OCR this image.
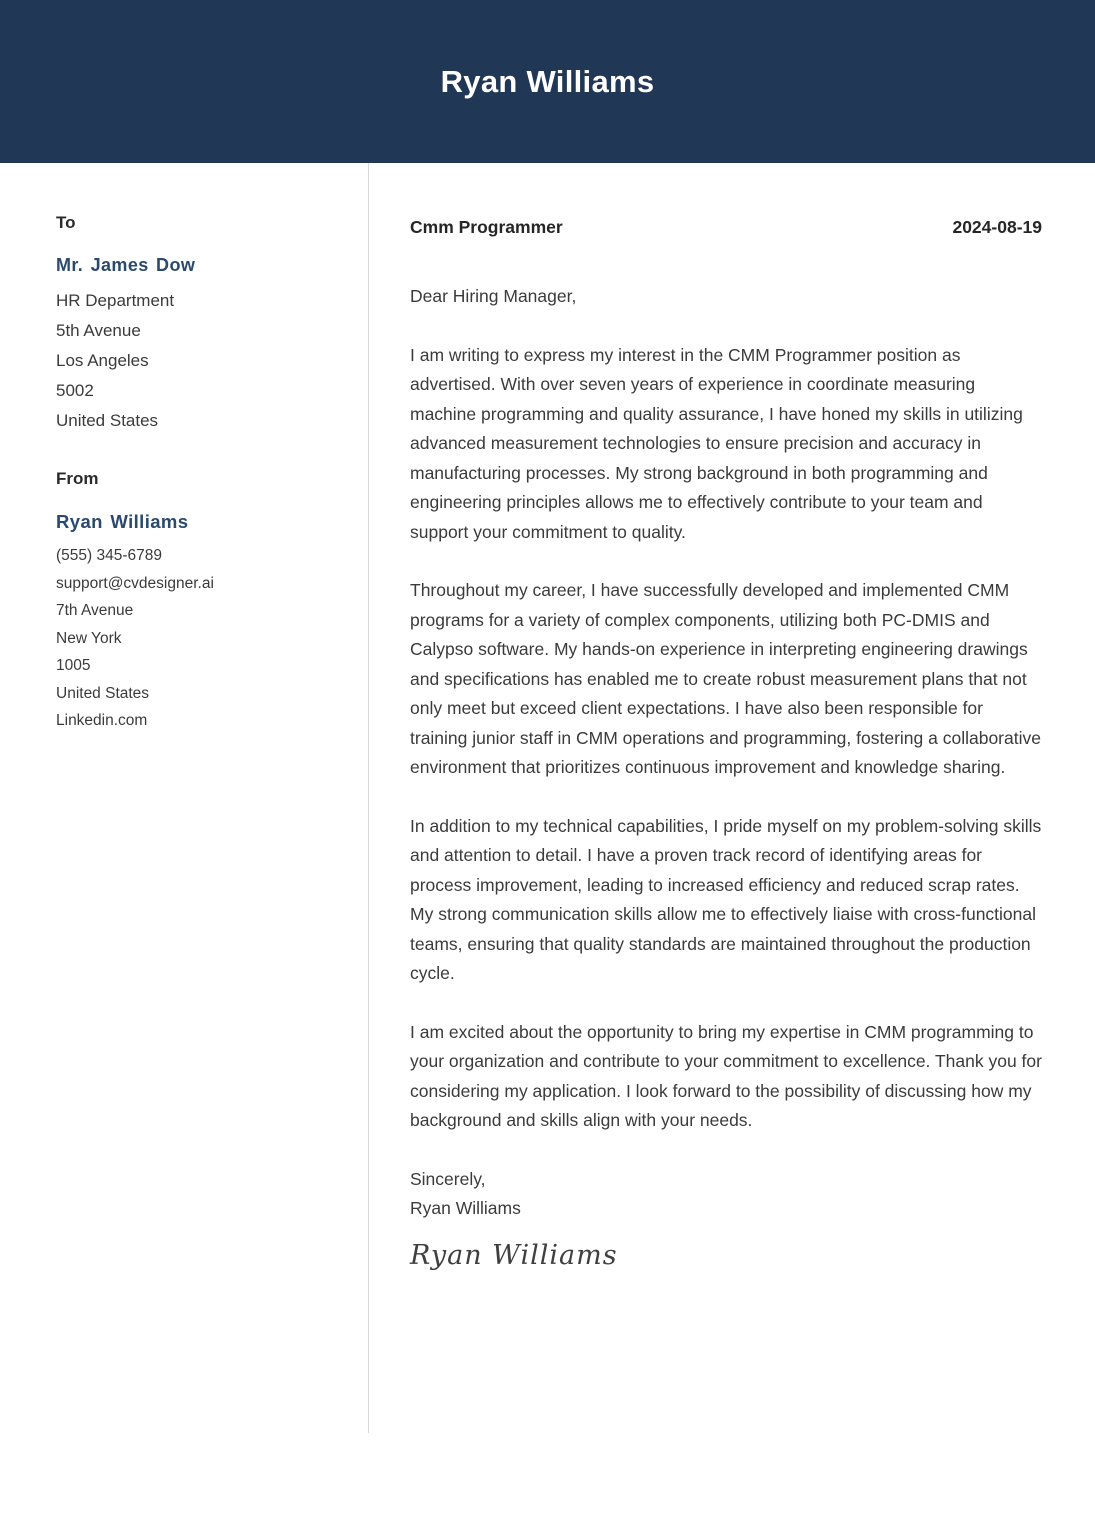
Ryan Williams
To
Mr. James Dow
HR Department
5th Avenue
Los Angeles
5002
United States
From
Ryan Williams
(555) 345-6789
support@cvdesigner.ai
7th Avenue
New York
1005
United States
Linkedin.com
Cmm Programmer	2024-08-19

Dear Hiring Manager,

I am writing to express my interest in the CMM Programmer position as advertised. With over seven years of experience in coordinate measuring machine programming and quality assurance, I have honed my skills in utilizing advanced measurement technologies to ensure precision and accuracy in manufacturing processes. My strong background in both programming and engineering principles allows me to effectively contribute to your team and support your commitment to quality.

Throughout my career, I have successfully developed and implemented CMM programs for a variety of complex components, utilizing both PC-DMIS and Calypso software. My hands-on experience in interpreting engineering drawings and specifications has enabled me to create robust measurement plans that not only meet but exceed client expectations. I have also been responsible for training junior staff in CMM operations and programming, fostering a collaborative environment that prioritizes continuous improvement and knowledge sharing.

In addition to my technical capabilities, I pride myself on my problem-solving skills and attention to detail. I have a proven track record of identifying areas for process improvement, leading to increased efficiency and reduced scrap rates. My strong communication skills allow me to effectively liaise with cross-functional teams, ensuring that quality standards are maintained throughout the production cycle.

I am excited about the opportunity to bring my expertise in CMM programming to your organization and contribute to your commitment to excellence. Thank you for considering my application. I look forward to the possibility of discussing how my background and skills align with your needs.

Sincerely,
Ryan Williams
Ryan Williams
